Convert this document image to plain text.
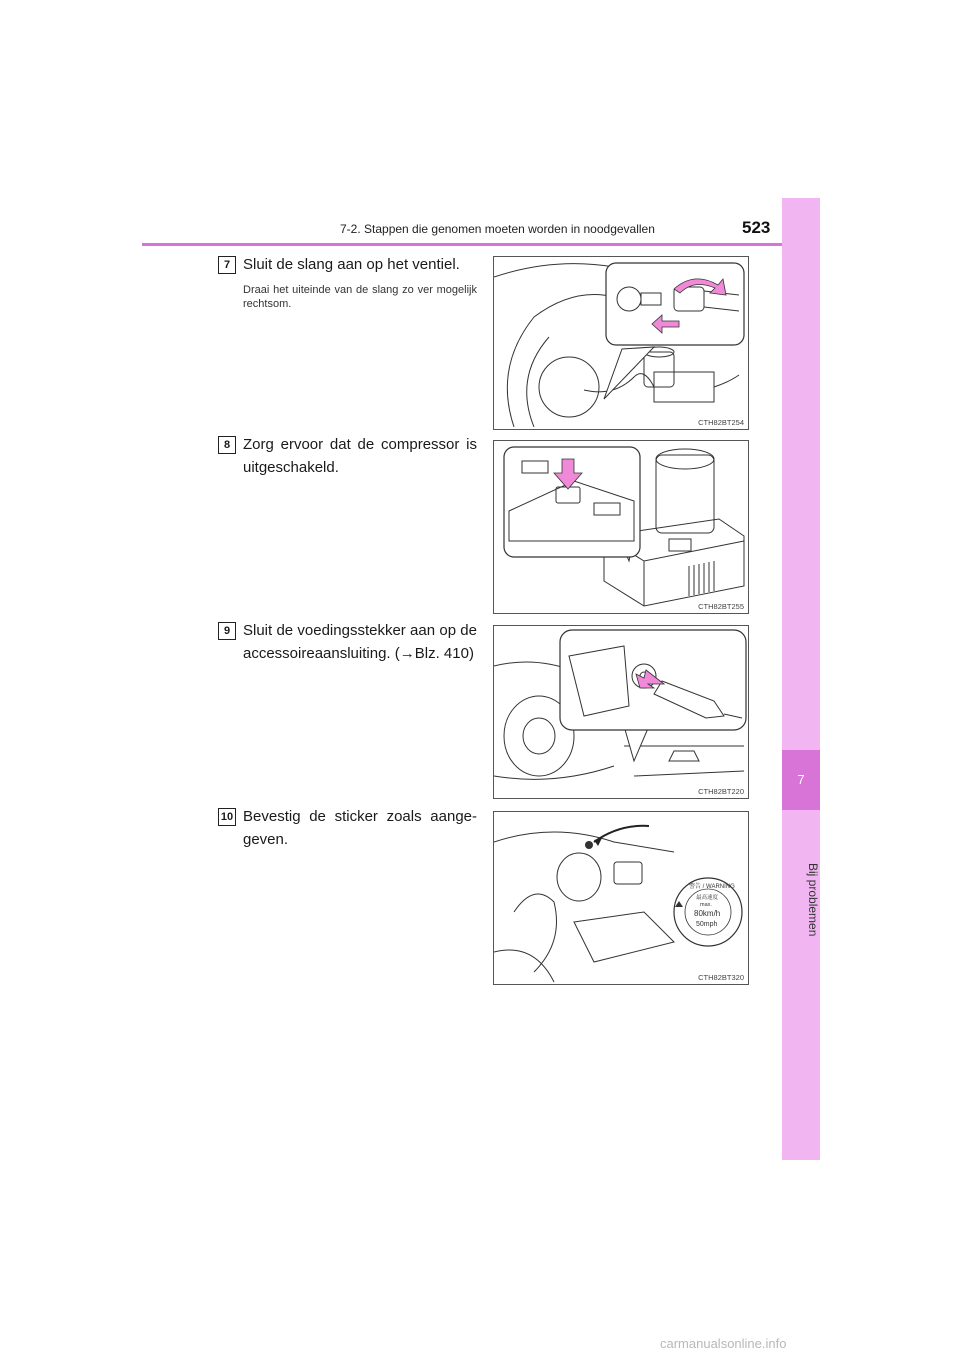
7-2. Stappen die genomen moeten worden in noodgevallen	523
7
Bij problemen
7 Sluit de slang aan op het ventiel.
Draai het uiteinde van de slang zo ver mogelijk rechtsom.
CTH82BT254
8 Zorg ervoor dat de compressor is uitgeschakeld.
CTH82BT255
9 Sluit de voedingsstekker aan op de accessoireaansluiting. (→Blz. 410)
CTH82BT220
10 Bevestig de sticker zoals aange-geven.
警告 / WARNING
最高速度
max.
80km/h
50mph
CTH82BT320
carmanualsonline.info
